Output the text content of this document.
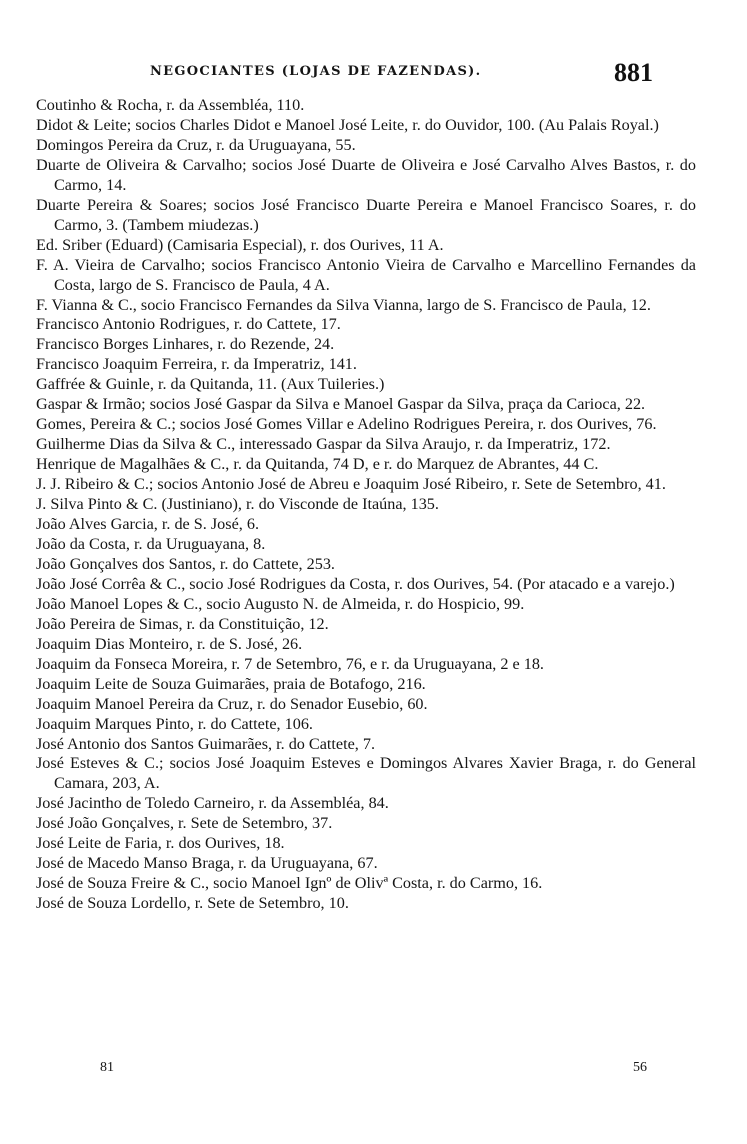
NEGOCIANTES (LOJAS DE FAZENDAS).	881
Coutinho & Rocha, r. da Assembléa, 110.
Didot & Leite; socios Charles Didot e Manoel José Leite, r. do Ouvidor, 100. (Au Palais Royal.)
Domingos Pereira da Cruz, r. da Uruguayana, 55.
Duarte de Oliveira & Carvalho; socios José Duarte de Oliveira e José Carvalho Alves Bastos, r. do Carmo, 14.
Duarte Pereira & Soares; socios José Francisco Duarte Pereira e Manoel Francisco Soares, r. do Carmo, 3. (Tambem miudezas.)
Ed. Sriber (Eduard) (Camisaria Especial), r. dos Ourives, 11 A.
F. A. Vieira de Carvalho; socios Francisco Antonio Vieira de Carvalho e Marcellino Fernandes da Costa, largo de S. Francisco de Paula, 4 A.
F. Vianna & C., socio Francisco Fernandes da Silva Vianna, largo de S. Francisco de Paula, 12.
Francisco Antonio Rodrigues, r. do Cattete, 17.
Francisco Borges Linhares, r. do Rezende, 24.
Francisco Joaquim Ferreira, r. da Imperatriz, 141.
Gaffrée & Guinle, r. da Quitanda, 11. (Aux Tuileries.)
Gaspar & Irmão; socios José Gaspar da Silva e Manoel Gaspar da Silva, praça da Carioca, 22.
Gomes, Pereira & C.; socios José Gomes Villar e Adelino Rodrigues Pereira, r. dos Ourives, 76.
Guilherme Dias da Silva & C., interessado Gaspar da Silva Araujo, r. da Imperatriz, 172.
Henrique de Magalhães & C., r. da Quitanda, 74 D, e r. do Marquez de Abrantes, 44 C.
J. J. Ribeiro & C.; socios Antonio José de Abreu e Joaquim José Ribeiro, r. Sete de Setembro, 41.
J. Silva Pinto & C. (Justiniano), r. do Visconde de Itaúna, 135.
João Alves Garcia, r. de S. José, 6.
João da Costa, r. da Uruguayana, 8.
João Gonçalves dos Santos, r. do Cattete, 253.
João José Corrêa & C., socio José Rodrigues da Costa, r. dos Ourives, 54. (Por atacado e a varejo.)
João Manoel Lopes & C., socio Augusto N. de Almeida, r. do Hospicio, 99.
João Pereira de Simas, r. da Constituição, 12.
Joaquim Dias Monteiro, r. de S. José, 26.
Joaquim da Fonseca Moreira, r. 7 de Setembro, 76, e r. da Uruguayana, 2 e 18.
Joaquim Leite de Souza Guimarães, praia de Botafogo, 216.
Joaquim Manoel Pereira da Cruz, r. do Senador Eusebio, 60.
Joaquim Marques Pinto, r. do Cattete, 106.
José Antonio dos Santos Guimarães, r. do Cattete, 7.
José Esteves & C.; socios José Joaquim Esteves e Domingos Alvares Xavier Braga, r. do General Camara, 203, A.
José Jacintho de Toledo Carneiro, r. da Assembléa, 84.
José João Gonçalves, r. Sete de Setembro, 37.
José Leite de Faria, r. dos Ourives, 18.
José de Macedo Manso Braga, r. da Uruguayana, 67.
José de Souza Freire & C., socio Manoel Ignº de Olivª Costa, r. do Carmo, 16.
José de Souza Lordello, r. Sete de Setembro, 10.
81	56
